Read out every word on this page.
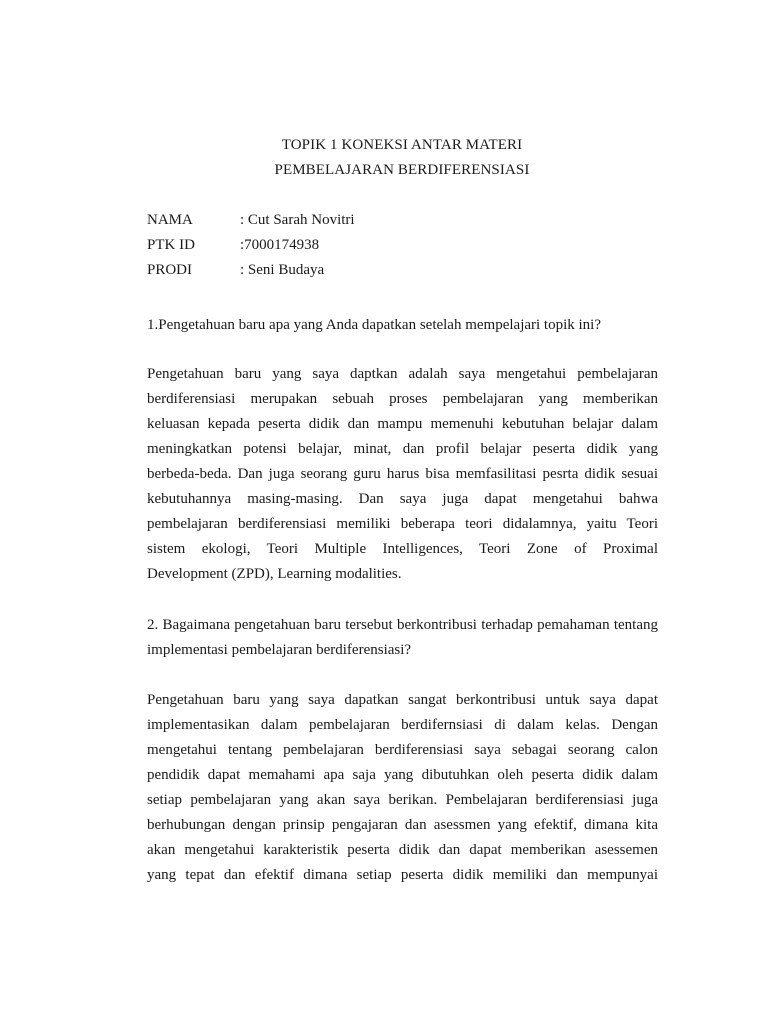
TOPIK 1 KONEKSI ANTAR MATERI
PEMBELAJARAN BERDIFERENSIASI
NAMA	: Cut Sarah Novitri
PTK ID	:7000174938
PRODI	: Seni Budaya
1.Pengetahuan baru apa yang Anda dapatkan setelah mempelajari topik ini?
Pengetahuan baru yang saya daptkan adalah saya mengetahui pembelajaran
berdiferensiasi merupakan sebuah proses pembelajaran yang memberikan
keluasan kepada peserta didik dan mampu memenuhi kebutuhan belajar dalam
meningkatkan potensi belajar, minat, dan profil belajar peserta didik yang
berbeda-beda. Dan juga seorang guru harus bisa memfasilitasi pesrta didik sesuai
kebutuhannya masing-masing. Dan saya juga dapat mengetahui bahwa
pembelajaran berdiferensiasi memiliki beberapa teori didalamnya, yaitu Teori
sistem ekologi, Teori Multiple Intelligences, Teori Zone of Proximal
Development (ZPD), Learning modalities.
2. Bagaimana pengetahuan baru tersebut berkontribusi terhadap pemahaman tentang implementasi pembelajaran berdiferensiasi?
Pengetahuan baru yang saya dapatkan sangat berkontribusi untuk saya dapat
implementasikan dalam pembelajaran berdifernsiasi di dalam kelas. Dengan
mengetahui tentang pembelajaran berdiferensiasi saya sebagai seorang calon
pendidik dapat memahami apa saja yang dibutuhkan oleh peserta didik dalam
setiap pembelajaran yang akan saya berikan. Pembelajaran berdiferensiasi juga
berhubungan dengan prinsip pengajaran dan asessmen yang efektif, dimana kita
akan mengetahui karakteristik peserta didik dan dapat memberikan asessemen
yang tepat dan efektif dimana setiap peserta didik memiliki dan mempunyai
